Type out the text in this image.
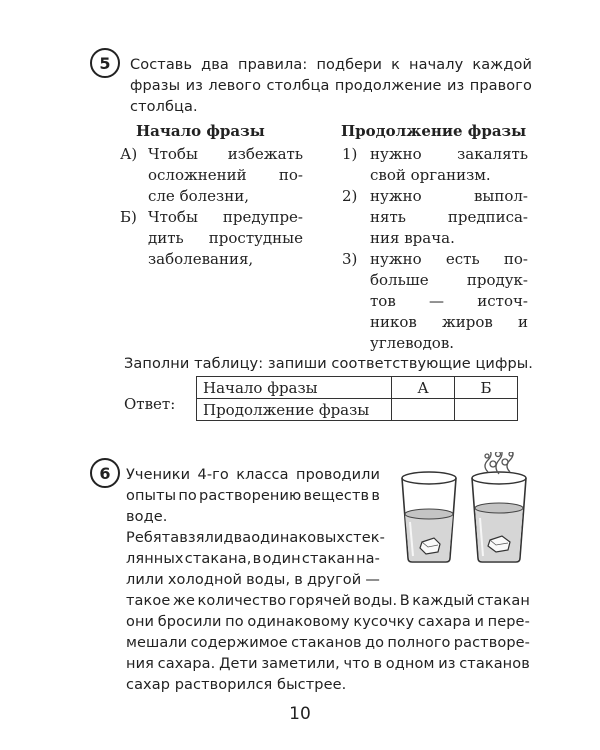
5	Составь два правила: подбери к началу каждой
фразы из левого столбца продолжение из правого
столбца.
Начало фразы	Продолжение фразы
А) Чтобы избежать
осложнений по-
сле болезни,
Б) Чтобы предупре-
дить простудные
заболевания,
1) нужно закалять
свой организм.
2) нужно	выпол-
нять	предписа-
ния врача.
3) нужно есть по-
больше	продук-
тов — источ-
ников жиров и
углеводов.
Заполни таблицу: запиши соответствующие цифры.
Ответ:
Начало фразы	А	Б
Продолжение фразы		
6	Ученики 4-го класса проводили
опыты по растворению веществ в
воде.
Ребята взяли два одинаковых стек-
лянных стакана, в один стакан на-
лили холодной воды, в другой —
такое же количество горячей воды. В каждый стакан
они бросили по одинаковому кусочку сахара и пере-
мешали содержимое стаканов до полного растворе-
ния сахара. Дети заметили, что в одном из стаканов
сахар растворился быстрее.
10
